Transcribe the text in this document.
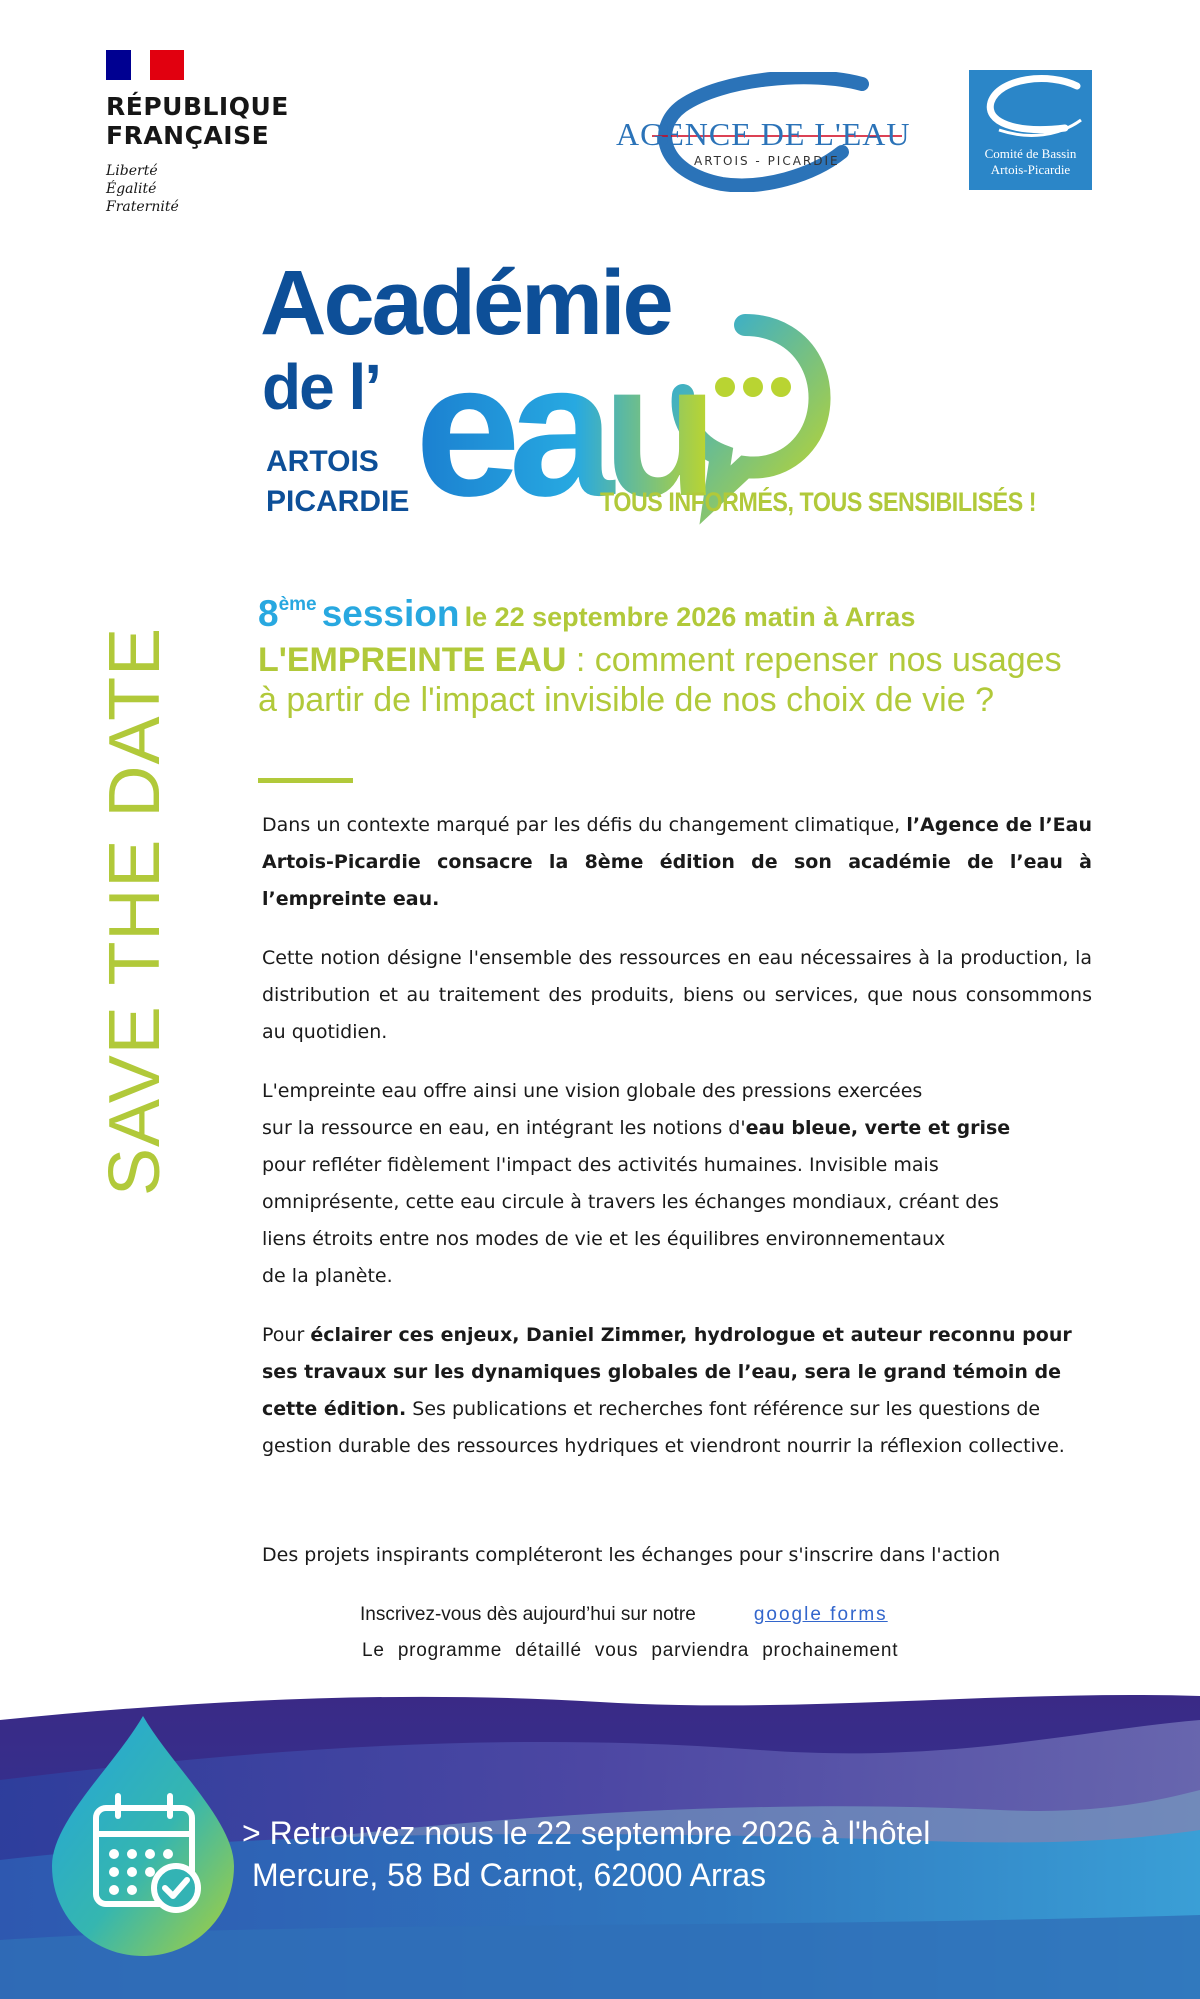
RÉPUBLIQUE
FRANÇAISE
Liberté
Égalité
Fraternité
AGENCE DE L'EAU
ARTOIS - PICARDIE	Comité de Bassin
Artois-Picardie
Académie
de l’ eau
ARTOIS
PICARDIE	TOUS INFORMÉS, TOUS SENSIBILISÉS !
SAVE THE DATE
8ème session le 22 septembre 2026 matin à Arras
L'EMPREINTE EAU : comment repenser nos usages à partir de l'impact invisible de nos choix de vie ?
Dans un contexte marqué par les défis du changement climatique, l’Agence de l’Eau Artois-Picardie consacre la 8ème édition de son académie de l’eau à l’empreinte eau.
Cette notion désigne l'ensemble des ressources en eau nécessaires à la production, la distribution et au traitement des produits, biens ou services, que nous consommons au quotidien.
L'empreinte eau offre ainsi une vision globale des pressions exercées
sur la ressource en eau, en intégrant les notions d'eau bleue, verte et grise
pour refléter fidèlement l'impact des activités humaines. Invisible mais
omniprésente, cette eau circule à travers les échanges mondiaux, créant des
liens étroits entre nos modes de vie et les équilibres environnementaux
de la planète.
Pour éclairer ces enjeux, Daniel Zimmer, hydrologue et auteur reconnu pour ses travaux sur les dynamiques globales de l’eau, sera le grand témoin de cette édition. Ses publications et recherches font référence sur les questions de gestion durable des ressources hydriques et viendront nourrir la réflexion collective.
Des projets inspirants compléteront les échanges pour s'inscrire dans l'action
Inscrivez-vous dès aujourd’hui sur notre	google forms
Le programme détaillé vous parviendra prochainement
> Retrouvez nous le 22 septembre 2026 à l'hôtel
Mercure, 58 Bd Carnot, 62000 Arras
